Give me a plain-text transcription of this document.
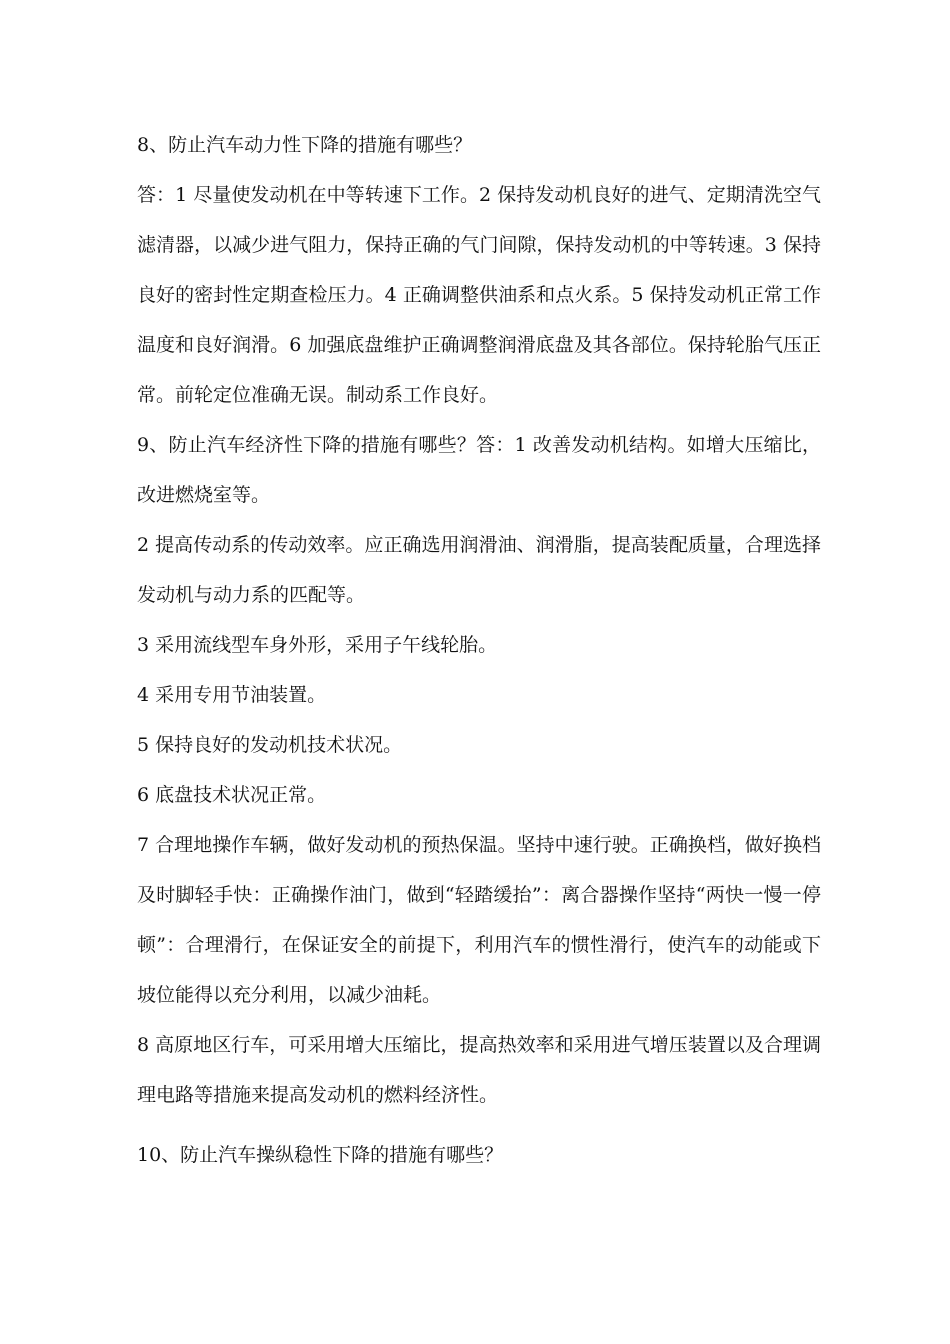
8、防止汽车动力性下降的措施有哪些？

答：1 尽量使发动机在中等转速下工作。2 保持发动机良好的进气、定期清洗空气滤清器，以减少进气阻力，保持正确的气门间隙，保持发动机的中等转速。3 保持良好的密封性定期查检压力。4 正确调整供油系和点火系。5 保持发动机正常工作温度和良好润滑。6 加强底盘维护正确调整润滑底盘及其各部位。保持轮胎气压正常。前轮定位准确无误。制动系工作良好。

9、防止汽车经济性下降的措施有哪些？答：1 改善发动机结构。如增大压缩比，改进燃烧室等。

2 提高传动系的传动效率。应正确选用润滑油、润滑脂，提高装配质量，合理选择发动机与动力系的匹配等。

3 采用流线型车身外形，采用子午线轮胎。

4 采用专用节油装置。

5 保持良好的发动机技术状况。

6 底盘技术状况正常。

7 合理地操作车辆，做好发动机的预热保温。坚持中速行驶。正确换档，做好换档及时脚轻手快：正确操作油门，做到“轻踏缓抬”：离合器操作坚持“两快一慢一停顿”：合理滑行，在保证安全的前提下，利用汽车的惯性滑行，使汽车的动能或下坡位能得以充分利用，以减少油耗。

8 高原地区行车，可采用增大压缩比，提高热效率和采用进气增压装置以及合理调理电路等措施来提高发动机的燃料经济性。

10、防止汽车操纵稳性下降的措施有哪些？
